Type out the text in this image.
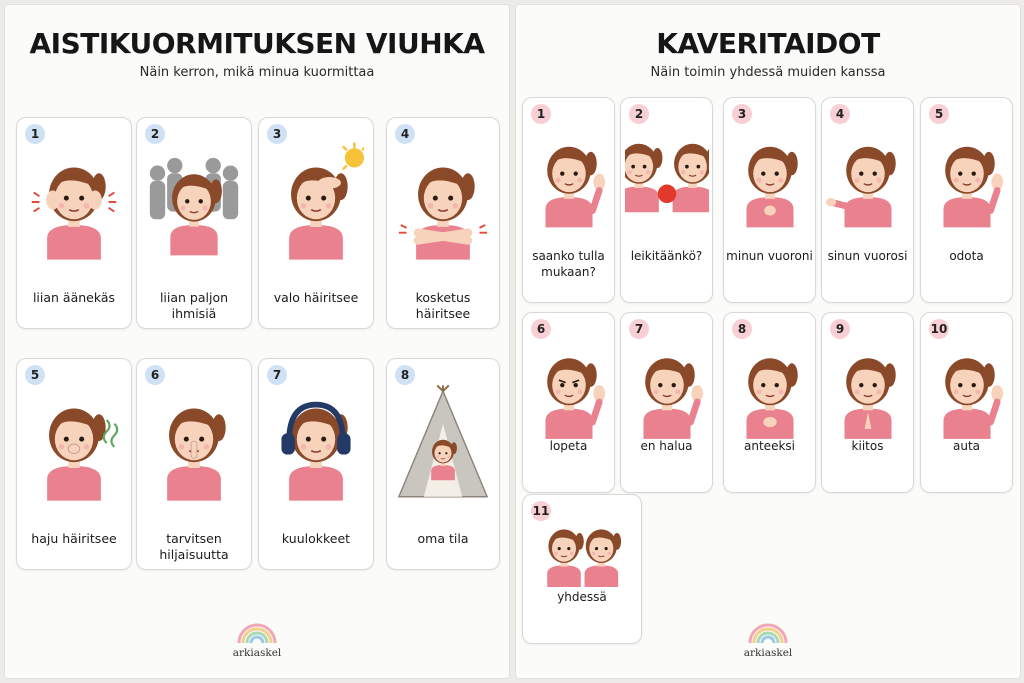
AISTIKUORMITUKSEN VIUHKA
Näin kerron, mikä minua kuormittaa
1
liian äänekäs
2
liian paljon ihmisiä
3
valo häiritsee
4
kosketus häiritsee
5
haju häiritsee
6
tarvitsen hiljaisuutta
7
kuulokkeet
8
oma tila
arkiaskel
KAVERITAIDOT
Näin toimin yhdessä muiden kanssa
1
saanko tulla mukaan?
2
leikitäänkö?
3
minun vuoroni
4
sinun vuorosi
5
odota
6
lopeta
7
en halua
8
anteeksi
9
kiitos
10
auta
11
yhdessä
arkiaskel
